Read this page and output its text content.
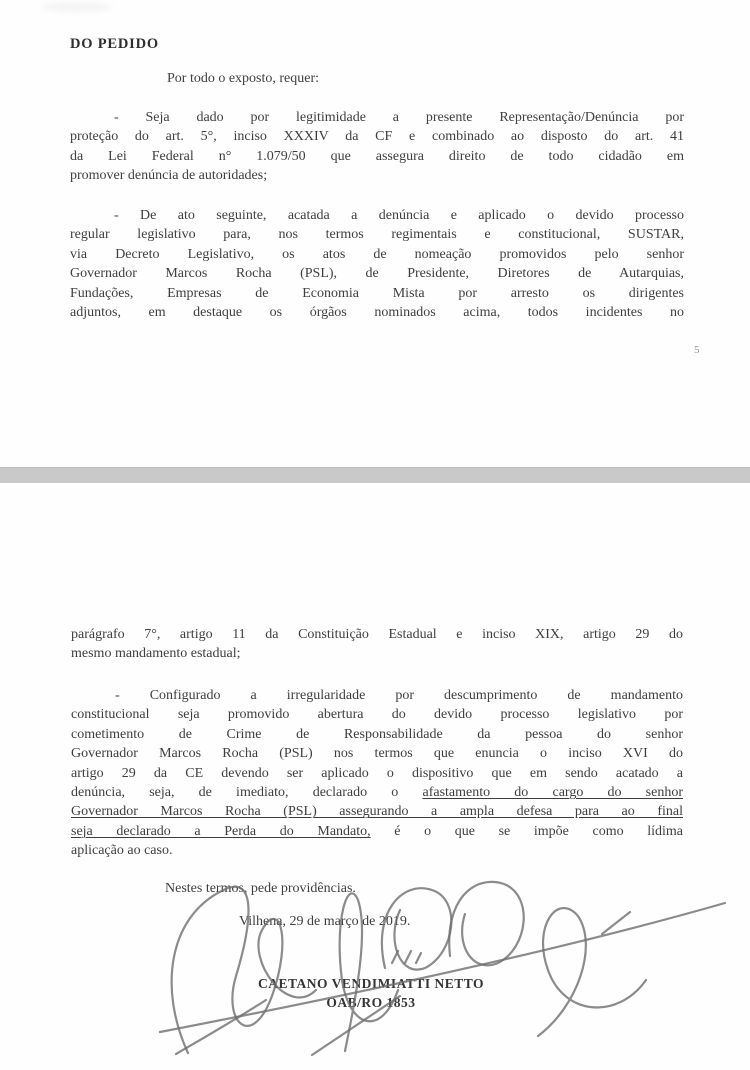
DO PEDIDO
Por todo o exposto, requer:
- Seja dado por legitimidade a presente Representação/Denúncia por
proteção do art. 5°, inciso XXXIV da CF e combinado ao disposto do art. 41
da Lei Federal n° 1.079/50 que assegura direito de todo cidadão em
promover denúncia de autoridades;
- De ato seguinte, acatada a denúncia e aplicado o devido processo
regular legislativo para, nos termos regimentais e constitucional, SUSTAR,
via Decreto Legislativo, os atos de nomeação promovidos pelo senhor
Governador Marcos Rocha (PSL), de Presidente, Diretores de Autarquias,
Fundações, Empresas de Economia Mista por arresto os dirigentes
adjuntos, em destaque os órgãos nominados acima, todos incidentes no
5
parágrafo 7°, artigo 11 da Constituição Estadual e inciso XIX, artigo 29 do
mesmo mandamento estadual;
- Configurado a irregularidade por descumprimento de mandamento
constitucional seja promovido abertura do devido processo legislativo por
cometimento de Crime de Responsabilidade da pessoa do senhor
Governador Marcos Rocha (PSL) nos termos que enuncia o inciso XVI do
artigo 29 da CE devendo ser aplicado o dispositivo que em sendo acatado a
denúncia, seja, de imediato, declarado o afastamento do cargo do senhor
Governador Marcos Rocha (PSL) assegurando a ampla defesa para ao final
seja declarado a Perda do Mandato, é o que se impõe como lídima
aplicação ao caso.
Nestes termos, pede providências.
Vilhena, 29 de março de 2019.
CAETANO VENDIMIATTI NETTO
OAB/RO 1853
